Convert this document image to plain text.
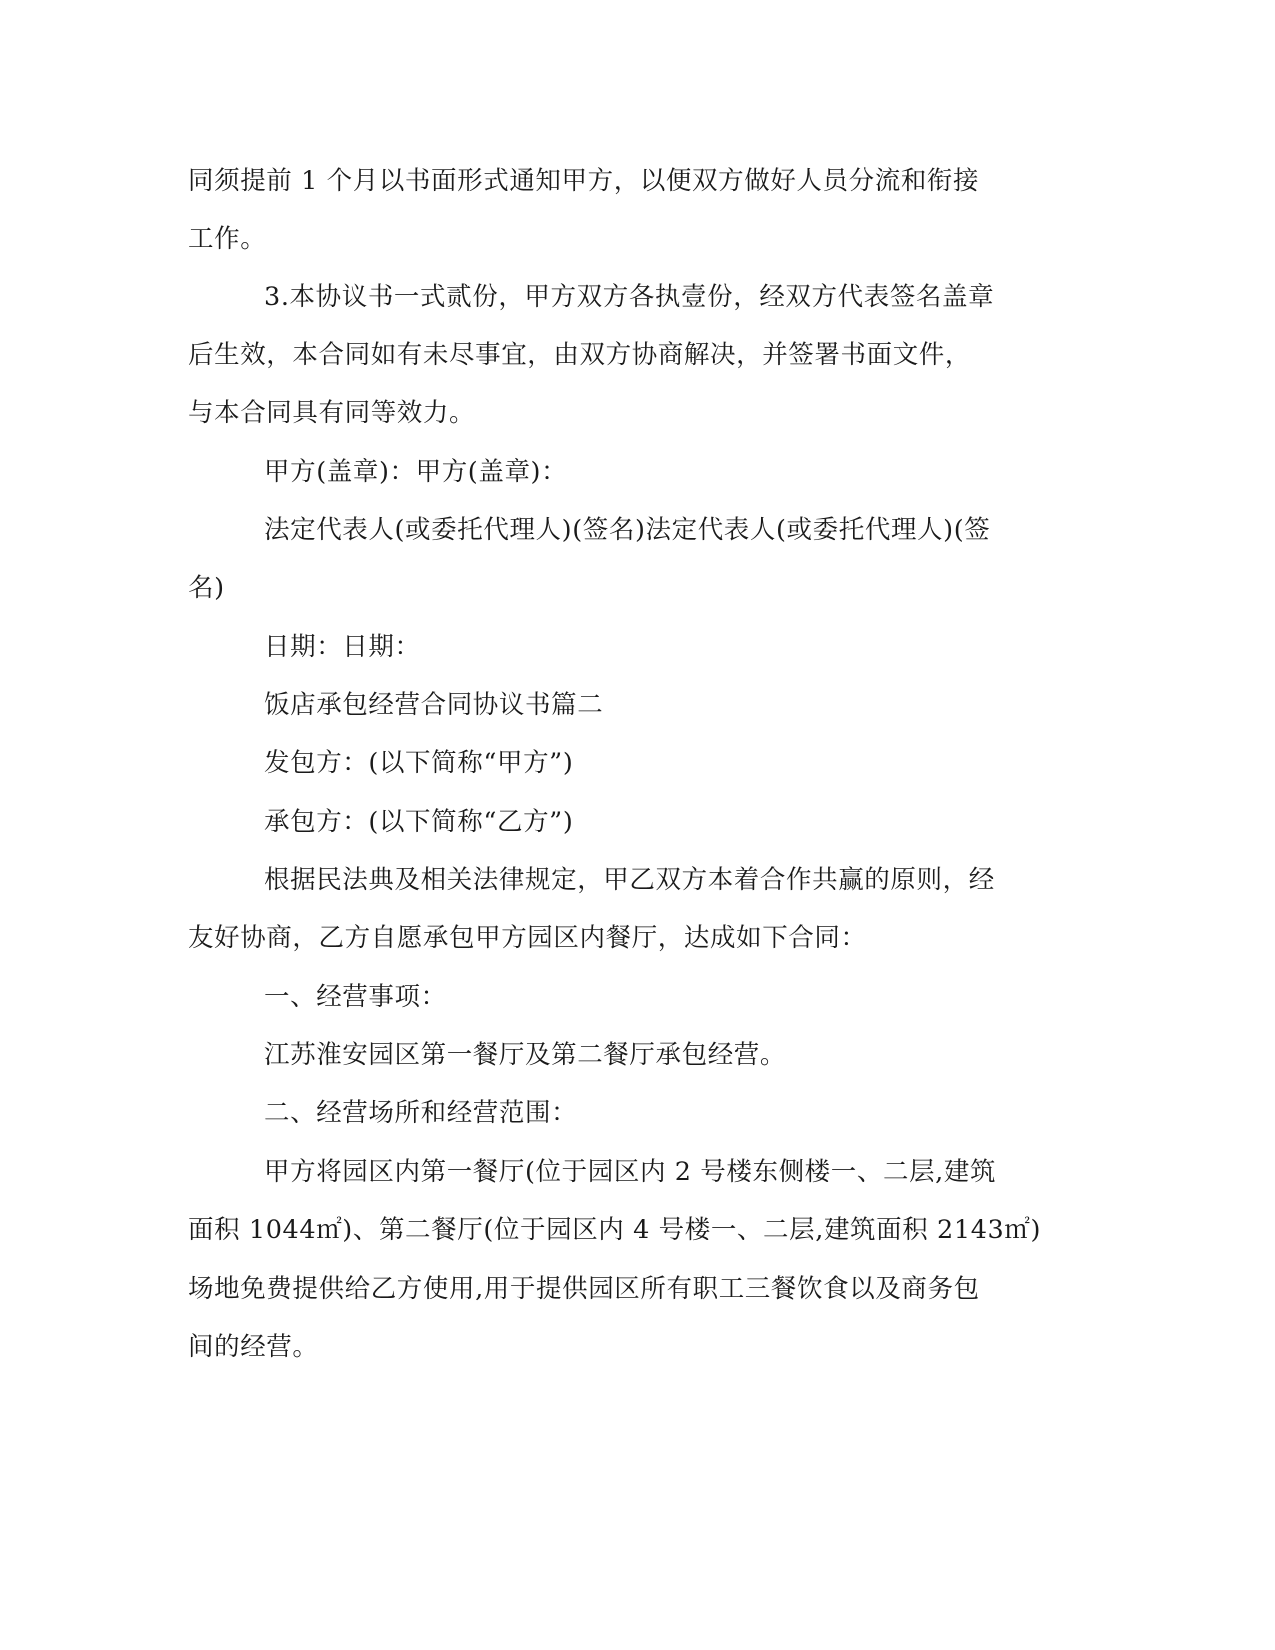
同须提前 1 个月以书面形式通知甲方，以便双方做好人员分流和衔接
工作。
3.本协议书一式贰份，甲方双方各执壹份，经双方代表签名盖章
后生效，本合同如有未尽事宜，由双方协商解决，并签署书面文件，
与本合同具有同等效力。
甲方(盖章)：甲方(盖章)：
法定代表人(或委托代理人)(签名)法定代表人(或委托代理人)(签
名)
日期：日期：
饭店承包经营合同协议书篇二
发包方：(以下简称“甲方”)
承包方：(以下简称“乙方”)
根据民法典及相关法律规定，甲乙双方本着合作共赢的原则，经
友好协商，乙方自愿承包甲方园区内餐厅，达成如下合同：
一、经营事项：
江苏淮安园区第一餐厅及第二餐厅承包经营。
二、经营场所和经营范围：
甲方将园区内第一餐厅(位于园区内 2 号楼东侧楼一、二层,建筑
面积 1044㎡)、第二餐厅(位于园区内 4 号楼一、二层,建筑面积 2143㎡)
场地免费提供给乙方使用,用于提供园区所有职工三餐饮食以及商务包
间的经营。
